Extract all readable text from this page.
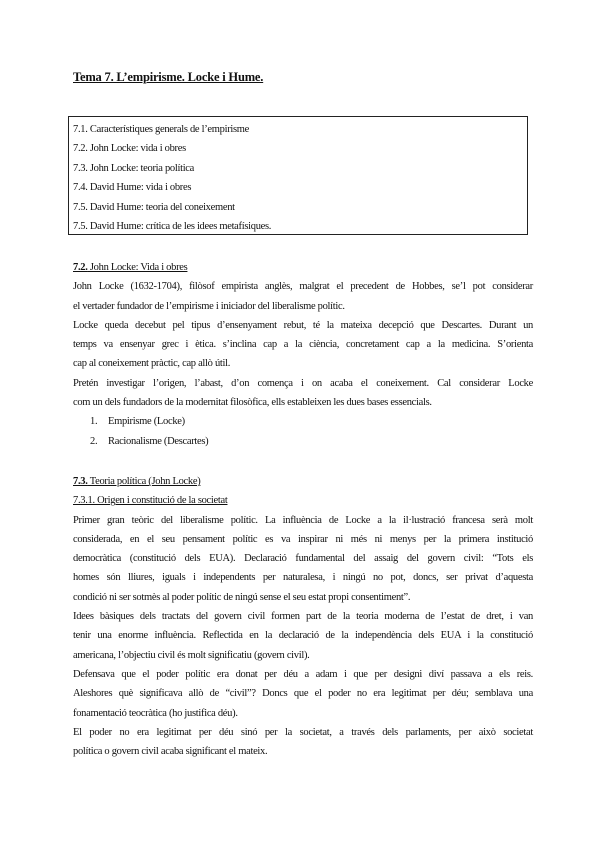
Tema 7. L’empirisme. Locke i Hume.
7.1. Característiques generals de l’empirisme
7.2. John Locke: vida i obres
7.3. John Locke: teoria política
7.4. David Hume: vida i obres
7.5. David Hume: teoria del coneixement
7.5. David Hume: crítica de les idees metafísiques.
7.2. John Locke: Vida i obres
John Locke (1632-1704), filòsof empirista anglès, malgrat el precedent de Hobbes, se’l pot considerar
el vertader fundador de l’empirisme i iniciador del liberalisme polític.
Locke queda decebut pel tipus d’ensenyament rebut, té la mateixa decepció que Descartes. Durant un
temps va ensenyar grec i ètica. s’inclina cap a la ciència, concretament cap a la medicina. S’orienta
cap al coneixement pràctic, cap allò útil.
Pretén investigar l’origen, l’abast, d’on comença i on acaba el coneixement. Cal considerar Locke
com un dels fundadors de la modernitat filosòfica, ells estableixen les dues bases essencials.
1.	Empirisme (Locke)
2.	Racionalisme (Descartes)
7.3. Teoria política (John Locke)
7.3.1. Origen i constitució de la societat
Primer gran teòric del liberalisme polític. La influència de Locke a la il·lustració francesa serà molt
considerada, en el seu pensament polític es va inspirar ni més ni menys per la primera institució
democràtica (constitució dels EUA). Declaració fundamental del assaig del govern civil: “Tots els
homes són lliures, iguals i independents per naturalesa, i ningú no pot, doncs, ser privat d’aquesta
condició ni ser sotmès al poder polític de ningú sense el seu estat propi consentiment”.
Idees bàsiques dels tractats del govern civil formen part de la teoria moderna de l’estat de dret, i van
tenir una enorme influència. Reflectida en la declaració de la independència dels EUA i la constitució
americana, l’objectiu civil és molt significatiu (govern civil).
Defensava que el poder polític era donat per déu a adam i que per designi diví passava a els reis.
Aleshores què significava allò de “civil”? Doncs que el poder no era legitimat per déu; semblava una
fonamentació teocràtica (ho justifica déu).
El poder no era legitimat per déu sinó per la societat, a través dels parlaments, per això societat
política o govern civil acaba significant el mateix.
